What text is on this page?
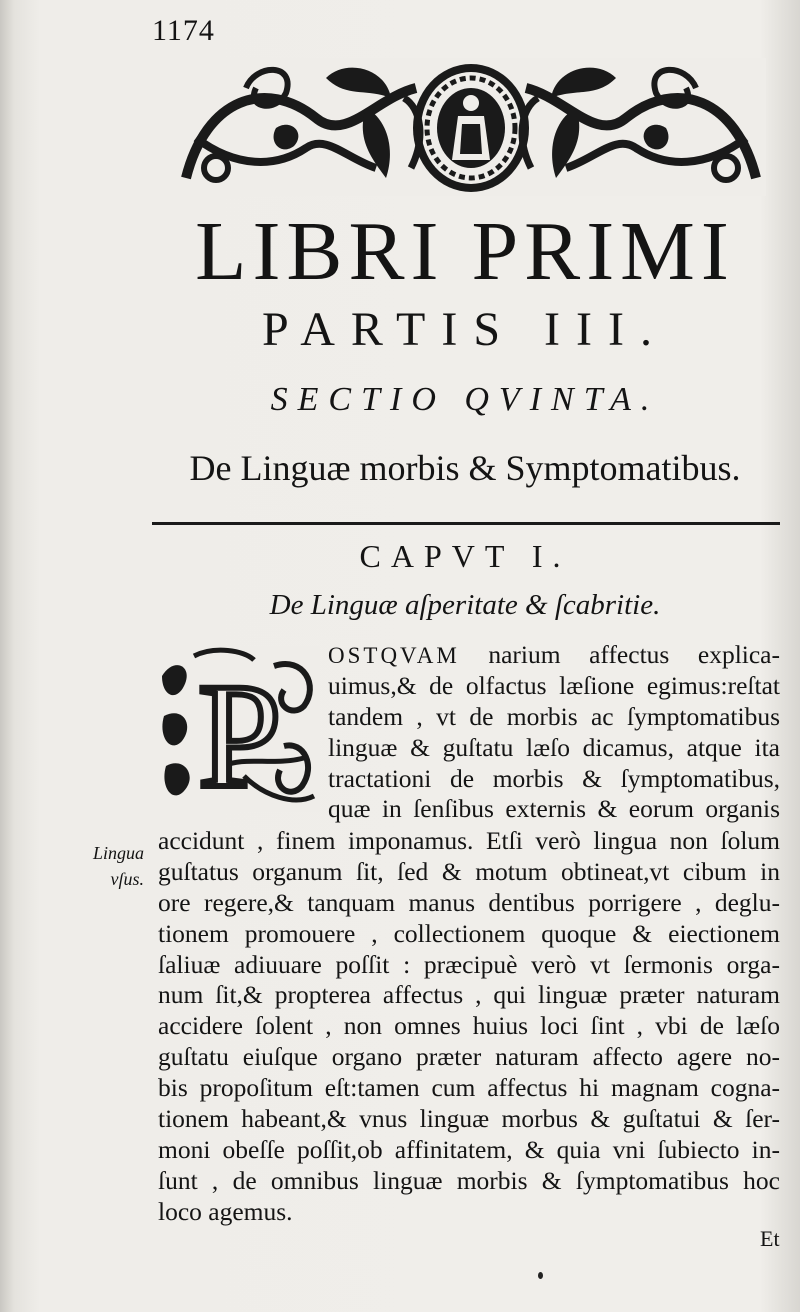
1174
LIBRI PRIMI
PARTIS III.
SECTIO QVINTA.
De Linguæ morbis & Symptomatibus.
CAPVT I.
De Linguæ aſperitate & ſcabritie.
P OSTQVAM narium affectus explica-
uimus,& de olfactus læſione egimus:reſtat
tandem , vt de morbis ac ſymptomatibus
linguæ & guſtatu læſo dicamus, atque ita
tractationi de morbis & ſymptomatibus,
quæ in ſenſibus externis & eorum organis
accidunt , finem imponamus. Etſi verò lingua non ſolum
guſtatus organum ſit, ſed & motum obtineat,vt cibum in
ore regere,& tanquam manus dentibus porrigere , deglu-
tionem promouere , collectionem quoque & eiectionem
ſaliuæ adiuuare poſſit : præcipuè verò vt ſermonis orga-
num ſit,& propterea affectus , qui linguæ præter naturam
accidere ſolent , non omnes huius loci ſint , vbi de læſo
guſtatu eiuſque organo præter naturam affecto agere no-
bis propoſitum eſt:tamen cum affectus hi magnam cogna-
tionem habeant,& vnus linguæ morbus & guſtatui & ſer-
moni obeſſe poſſit,ob affinitatem, & quia vni ſubiecto in-
ſunt , de omnibus linguæ morbis & ſymptomatibus hoc
loco agemus.
Lingua
vſus.
Et
